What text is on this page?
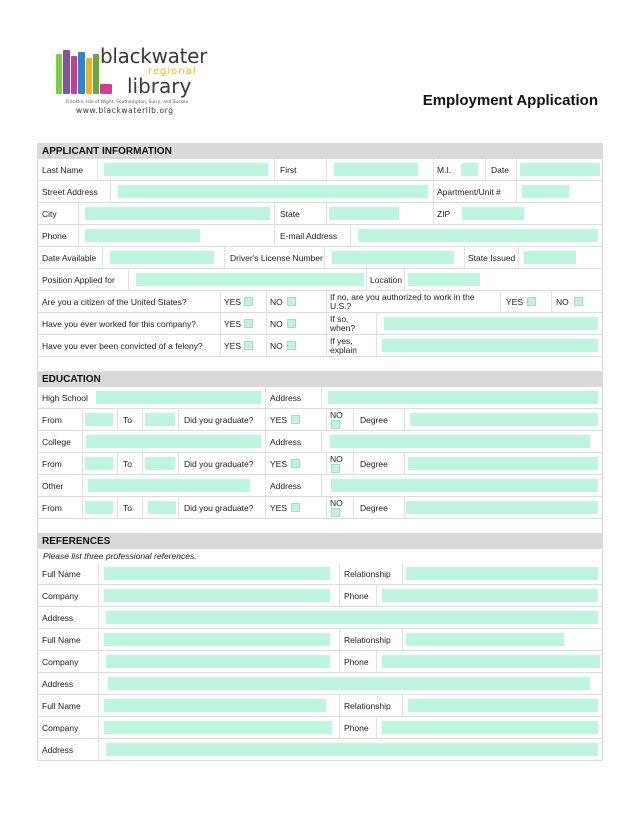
blackwater
regional
library
Franklin, Isle of Wight, Southampton, Surry, and Sussex
www.blackwaterlib.org
Employment Application
APPLICANT INFORMATION
Last Name	First	M.I.	Date
Street Address	Apartment/Unit #
City	State	ZIP
Phone	E-mail Address
Date Available	Driver's License Number	State Issued
Position Applied for	Location
Are you a citizen of the United States?	YES	NO	If no, are you authorized to work in the U.S.?	YES	NO
Have you ever worked for this company?	YES	NO	If so, when?
Have you ever been convicted of a felony?	YES	NO	If yes, explain
EDUCATION
High School	Address
From	To	Did you graduate? YES	NO Degree
College	Address
From	To	Did you graduate? YES	NO Degree
Other	Address
From	To	Did you graduate? YES	NO Degree
REFERENCES
Please list three professional references.
Full Name	Relationship
Company	Phone
Address
Full Name	Relationship
Company	Phone
Address
Full Name	Relationship
Company	Phone
Address
